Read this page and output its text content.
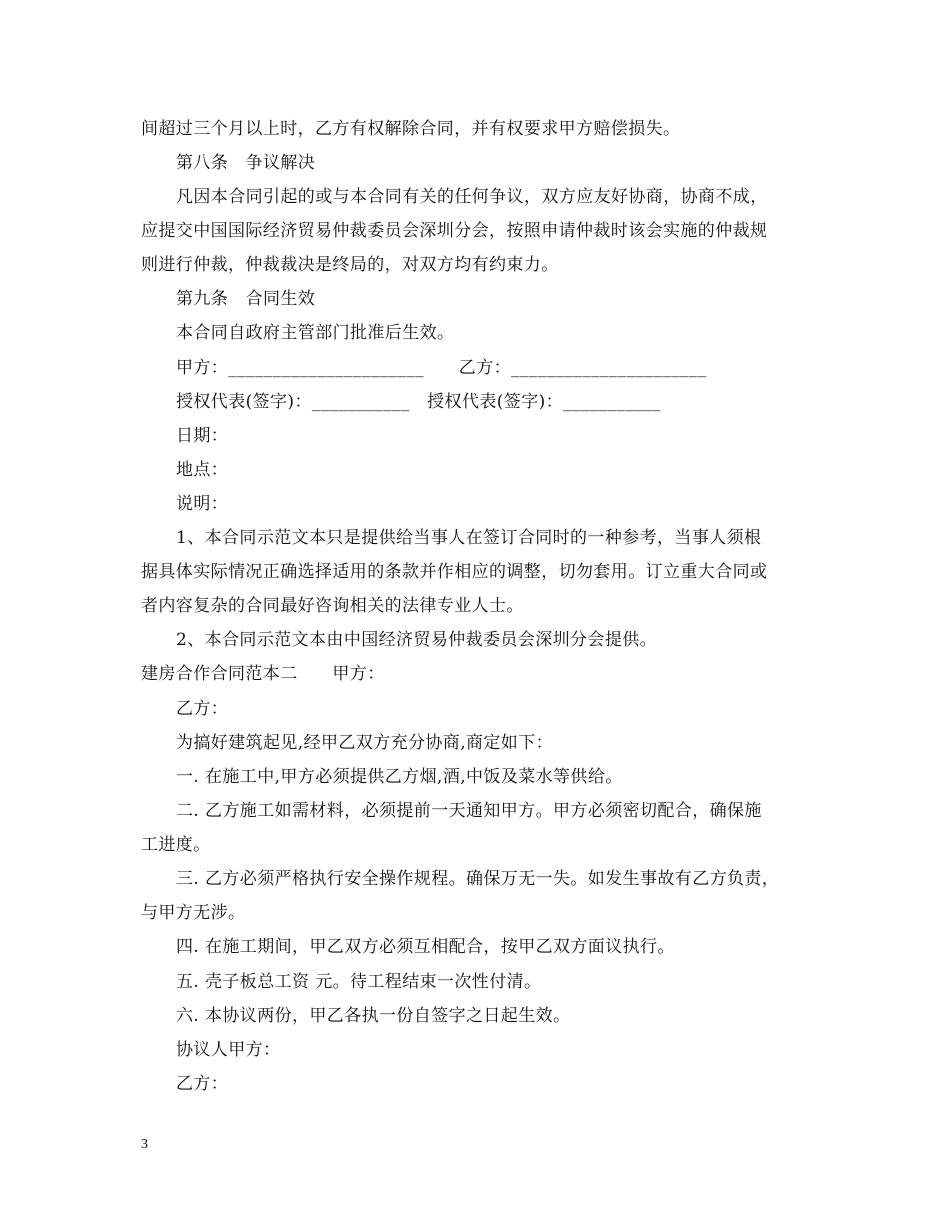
间超过三个月以上时，乙方有权解除合同，并有权要求甲方赔偿损失。
第八条　争议解决
凡因本合同引起的或与本合同有关的任何争议，双方应友好协商，协商不成，
应提交中国国际经济贸易仲裁委员会深圳分会，按照申请仲裁时该会实施的仲裁规
则进行仲裁，仲裁裁决是终局的，对双方均有约束力。
第九条　合同生效
本合同自政府主管部门批准后生效。
甲方：______________________　　乙方：______________________
授权代表(签字)：___________　授权代表(签字)：___________
日期：
地点：
说明：
1、本合同示范文本只是提供给当事人在签订合同时的一种参考，当事人须根
据具体实际情况正确选择适用的条款并作相应的调整，切勿套用。订立重大合同或
者内容复杂的合同最好咨询相关的法律专业人士。
2、本合同示范文本由中国经济贸易仲裁委员会深圳分会提供。
建房合作合同范本二　　甲方：
乙方：
为搞好建筑起见,经甲乙双方充分协商,商定如下：
一. 在施工中,甲方必须提供乙方烟,酒,中饭及菜水等供给。
二. 乙方施工如需材料，必须提前一天通知甲方。甲方必须密切配合，确保施
工进度。
三. 乙方必须严格执行安全操作规程。确保万无一失。如发生事故有乙方负责，
与甲方无涉。
四. 在施工期间，甲乙双方必须互相配合，按甲乙双方面议执行。
五. 壳子板总工资 元。待工程结束一次性付清。
六. 本协议两份，甲乙各执一份自签字之日起生效。
协议人甲方：
乙方：
3
